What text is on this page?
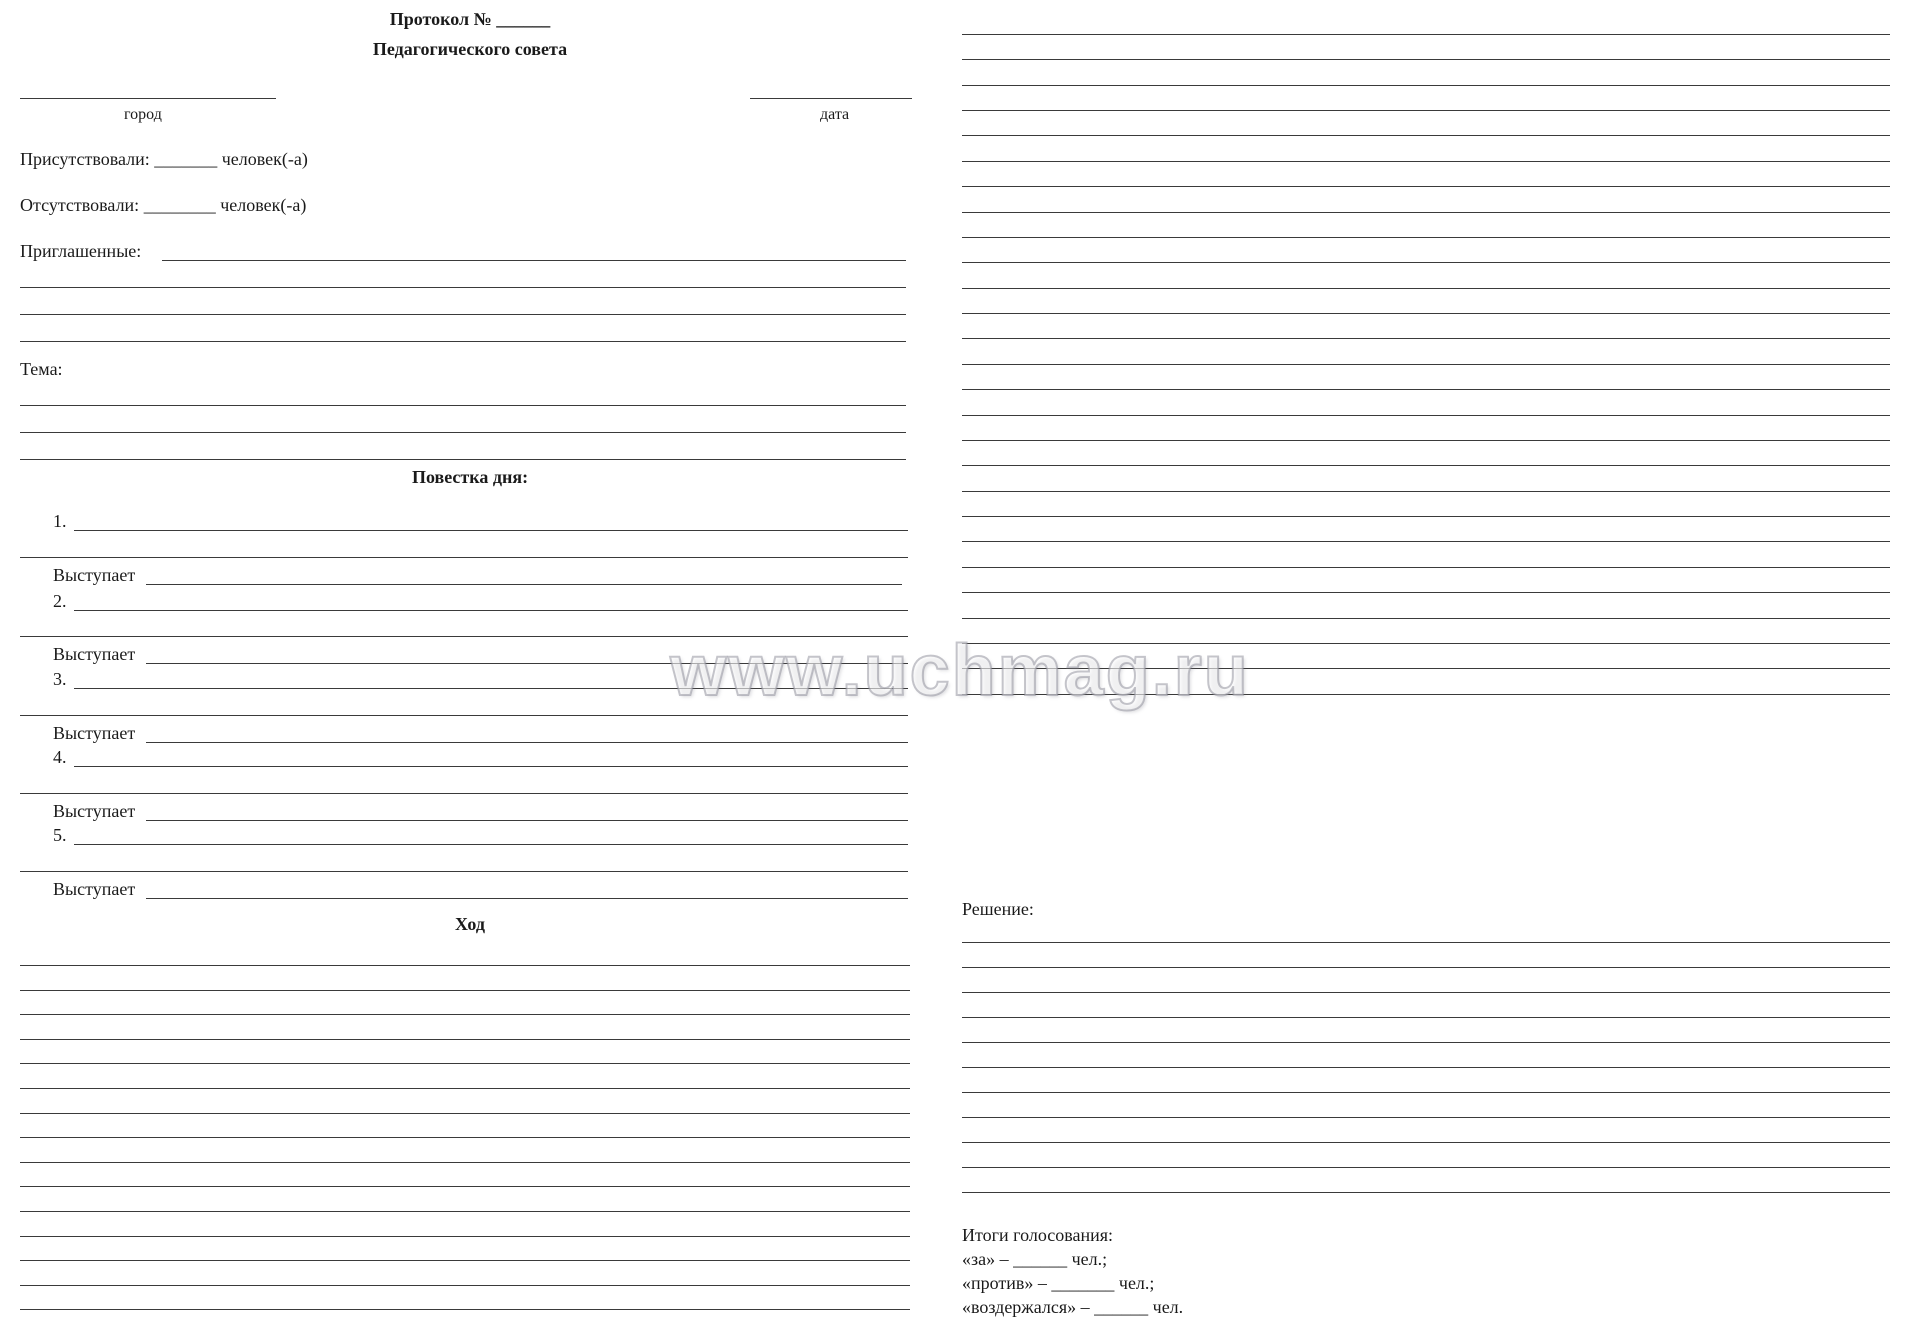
Протокол № ______
Педагогического совета
город	дата
Присутствовали: _______ человек(-а)
Отсутствовали: ________ человек(-а)
Приглашенные:
Тема:
Повестка дня:
1.
Выступает
2.
Выступает
3.
Выступает
4.
Выступает
5.
Выступает
Ход
Решение:
Итоги голосования:
«за» – ______ чел.;
«против» – _______ чел.;
«воздержался» – ______ чел.
www.uchmag.ru
